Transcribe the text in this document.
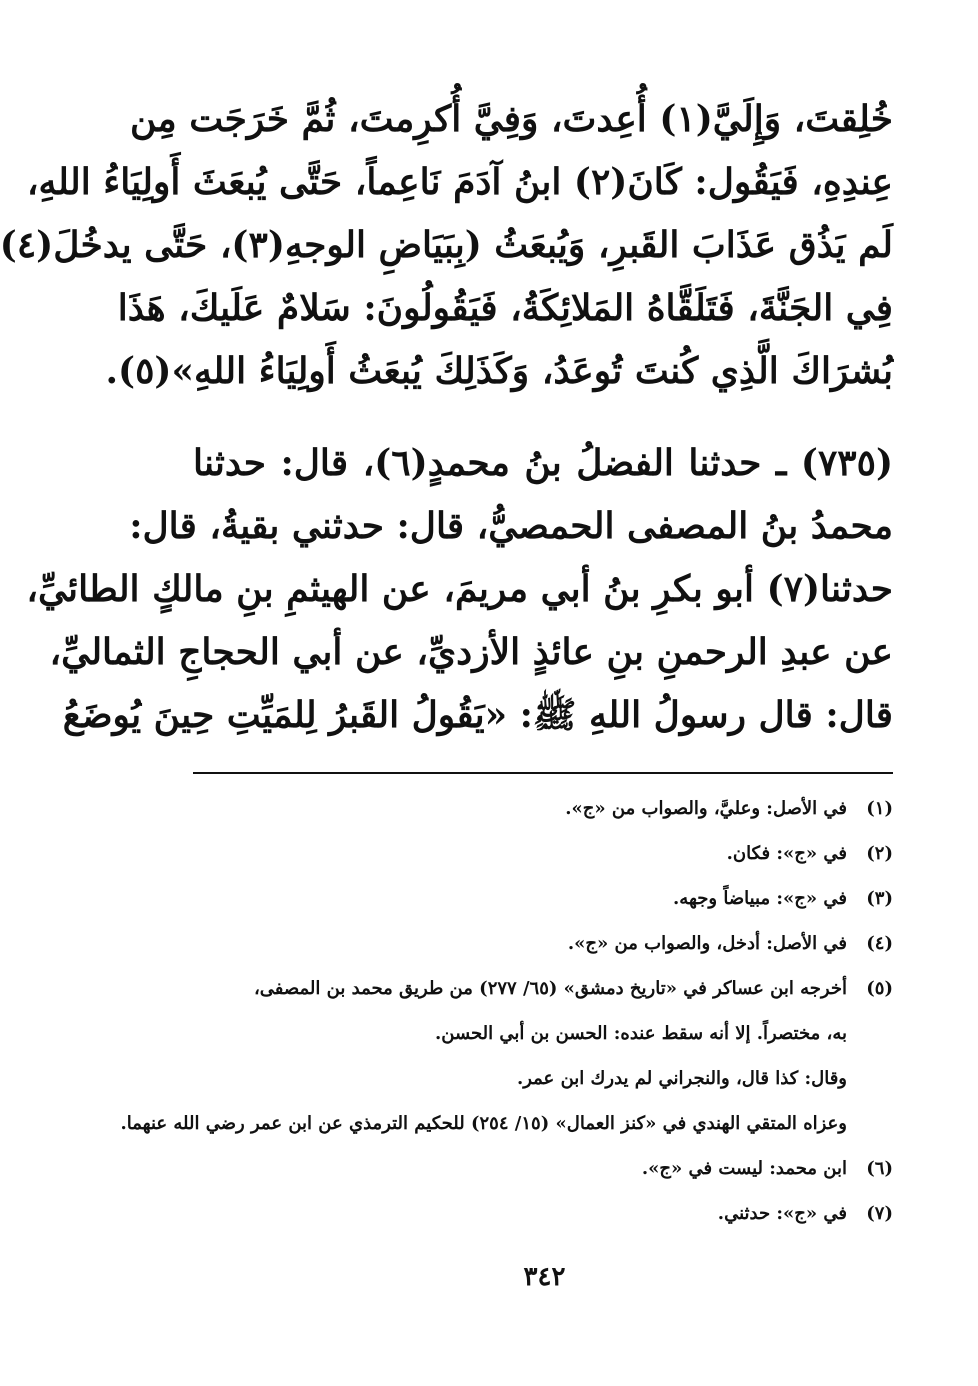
خُلِقتَ، وَإِلَيَّ(١) أُعِدتَ، وَفِيَّ أُكرِمتَ، ثُمَّ خَرَجَت مِن
عِندِهِ، فَيَقُول: كَانَ(٢) ابنُ آدَمَ نَاعِماً، حَتَّى يُبعَثَ أَولِيَاءُ اللهِ،
لَم يَذُق عَذَابَ القَبرِ، وَيُبعَثُ (بِبَيَاضِ الوجهِ(٣)، حَتَّى يدخُلَ(٤)
فِي الجَنَّةَ، فَتَلَقَّاهُ المَلائِكَةُ، فَيَقُولُونَ: سَلامٌ عَلَيكَ، هَذَا
بُشرَاكَ الَّذِي كُنتَ تُوعَدُ، وَكَذَلِكَ يُبعَثُ أَولِيَاءُ اللهِ»(٥).
(٧٣٥) ـ حدثنا الفضلُ بنُ محمدٍ(٦)، قال: حدثنا
محمدُ بنُ المصفى الحمصيُّ، قال: حدثني بقيةُ، قال:
حدثنا(٧) أبو بكرِ بنُ أبي مريمَ، عن الهيثمِ بنِ مالكٍ الطائيِّ،
عن عبدِ الرحمنِ بنِ عائذٍ الأزديِّ، عن أبي الحجاجِ الثماليِّ،
قال: قال رسولُ اللهِ ﷺ: «يَقُولُ القَبرُ لِلمَيِّتِ حِينَ يُوضَعُ
(١)
في الأصل: وعليَّ، والصواب من «ج».
(٢)
في «ج»: فكان.
(٣)
في «ج»: مبياضاً وجهه.
(٤)
في الأصل: أدخل، والصواب من «ج».
(٥)
أخرجه ابن عساكر في «تاريخ دمشق» (٦٥/ ٢٧٧) من طريق محمد بن المصفى،
به، مختصراً. إلا أنه سقط عنده: الحسن بن أبي الحسن.
وقال: كذا قال، والنجراني لم يدرك ابن عمر.
وعزاه المتقي الهندي في «كنز العمال» (١٥/ ٢٥٤) للحكيم الترمذي عن ابن عمر رضي الله عنهما.
(٦)
ابن محمد: ليست في «ج».
(٧)
في «ج»: حدثني.
٣٤٢
